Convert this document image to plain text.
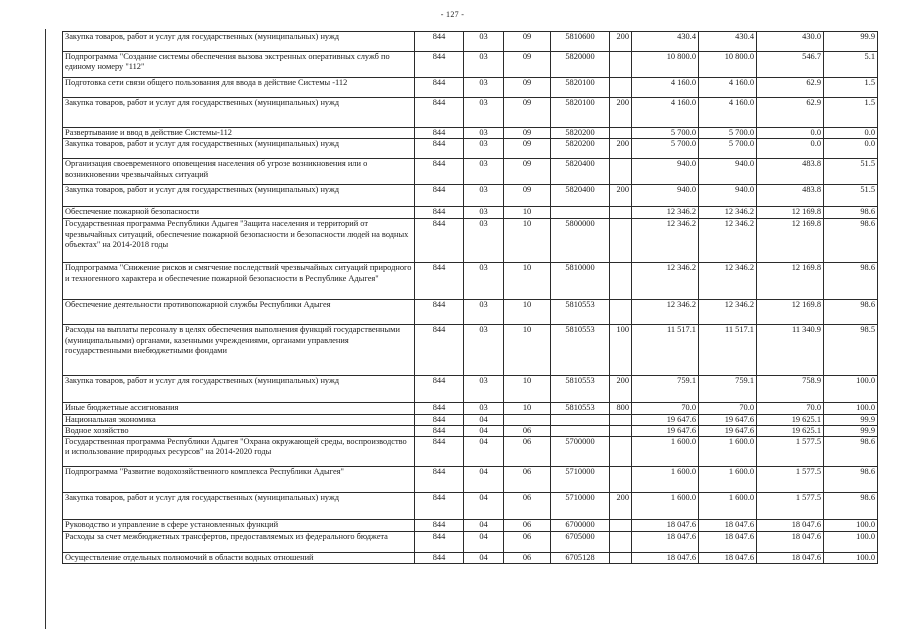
- 127 -
Закупка товаров, работ и услуг для государственных (муниципальных) нужд	844	03	09	5810600	200	430.4	430.4	430.0	99.9
Подпрограмма "Создание системы обеспечения вызова экстренных оперативных служб по единому номеру "112"	844	03	09	5820000		10 800.0	10 800.0	546.7	5.1
Подготовка сети связи общего пользования для ввода в действие Системы -112	844	03	09	5820100		4 160.0	4 160.0	62.9	1.5
Закупка товаров, работ и услуг для государственных (муниципальных) нужд	844	03	09	5820100	200	4 160.0	4 160.0	62.9	1.5
Развертывание и ввод в действие Системы-112	844	03	09	5820200		5 700.0	5 700.0	0.0	0.0
Закупка товаров, работ и услуг для государственных (муниципальных) нужд	844	03	09	5820200	200	5 700.0	5 700.0	0.0	0.0
Организация своевременного оповещения населения об угрозе возникновения или о возникновении чрезвычайных ситуаций	844	03	09	5820400		940.0	940.0	483.8	51.5
Закупка товаров, работ и услуг для государственных (муниципальных) нужд	844	03	09	5820400	200	940.0	940.0	483.8	51.5
Обеспечение пожарной безопасности	844	03	10			12 346.2	12 346.2	12 169.8	98.6
Государственная программа Республики Адыгея "Защита населения и территорий от чрезвычайных ситуаций, обеспечение пожарной безопасности и безопасности людей на водных объектах" на 2014-2018 годы	844	03	10	5800000		12 346.2	12 346.2	12 169.8	98.6
Подпрограмма "Снижение рисков и смягчение последствий чрезвычайных ситуаций природного и техногенного характера и обеспечение пожарной безопасности в Республике Адыгея"	844	03	10	5810000		12 346.2	12 346.2	12 169.8	98.6
Обеспечение деятельности противопожарной службы Республики Адыгея	844	03	10	5810553		12 346.2	12 346.2	12 169.8	98.6
Расходы на выплаты персоналу в целях обеспечения выполнения функций государственными (муниципальными) органами, казенными учреждениями, органами управления государственными внебюджетными фондами	844	03	10	5810553	100	11 517.1	11 517.1	11 340.9	98.5
Закупка товаров, работ и услуг для государственных (муниципальных) нужд	844	03	10	5810553	200	759.1	759.1	758.9	100.0
Иные бюджетные ассигнования	844	03	10	5810553	800	70.0	70.0	70.0	100.0
Национальная экономика	844	04				19 647.6	19 647.6	19 625.1	99.9
Водное хозяйство	844	04	06			19 647.6	19 647.6	19 625.1	99.9
Государственная программа Республики Адыгея "Охрана окружающей среды, воспроизводство и использование природных ресурсов" на 2014-2020 годы	844	04	06	5700000		1 600.0	1 600.0	1 577.5	98.6
Подпрограмма "Развитие водохозяйственного комплекса Республики Адыгея"	844	04	06	5710000		1 600.0	1 600.0	1 577.5	98.6
Закупка товаров, работ и услуг для государственных (муниципальных) нужд	844	04	06	5710000	200	1 600.0	1 600.0	1 577.5	98.6
Руководство и управление в сфере установленных функций	844	04	06	6700000		18 047.6	18 047.6	18 047.6	100.0
Расходы за счет межбюджетных трансфертов, предоставляемых из федерального бюджета	844	04	06	6705000		18 047.6	18 047.6	18 047.6	100.0
Осуществление отдельных полномочий в области водных отношений	844	04	06	6705128		18 047.6	18 047.6	18 047.6	100.0
